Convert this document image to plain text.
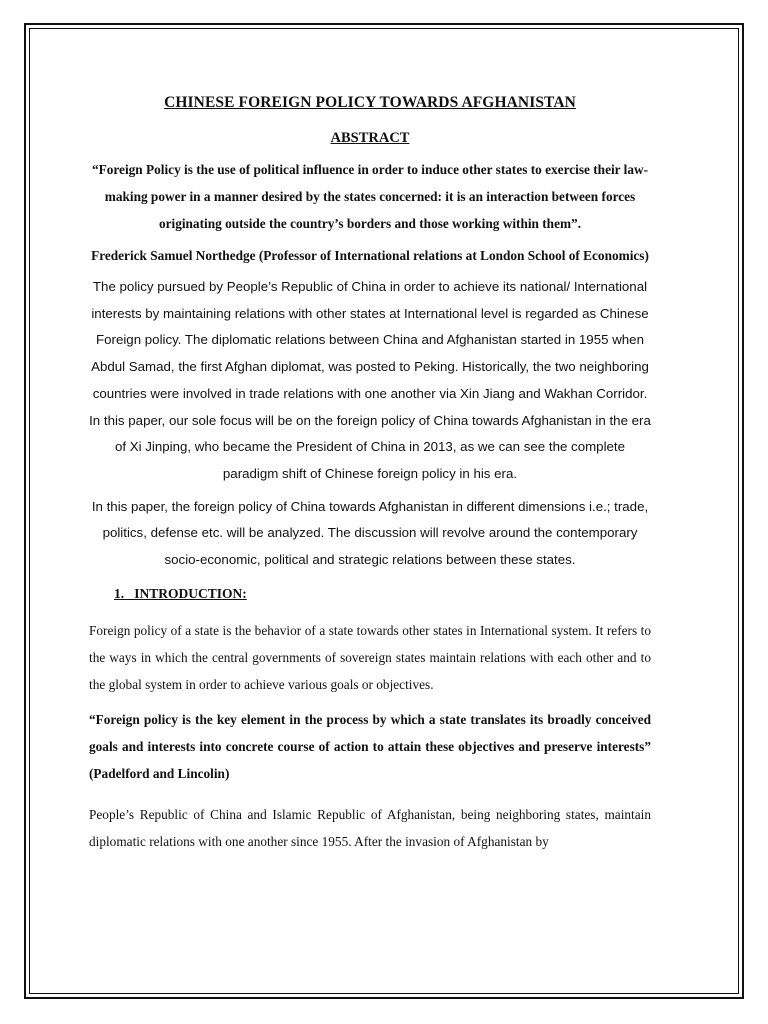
CHINESE FOREIGN POLICY TOWARDS AFGHANISTAN
ABSTRACT

“Foreign Policy is the use of political influence in order to induce other states to exercise their law-making power in a manner desired by the states concerned: it is an interaction between forces originating outside the country’s borders and those working within them”.

Frederick Samuel Northedge (Professor of International relations at London School of Economics)

The policy pursued by People’s Republic of China in order to achieve its national/ International interests by maintaining relations with other states at International level is regarded as Chinese Foreign policy. The diplomatic relations between China and Afghanistan started in 1955 when Abdul Samad, the first Afghan diplomat, was posted to Peking. Historically, the two neighboring countries were involved in trade relations with one another via Xin Jiang and Wakhan Corridor. In this paper, our sole focus will be on the foreign policy of China towards Afghanistan in the era of Xi Jinping, who became the President of China in 2013, as we can see the complete paradigm shift of Chinese foreign policy in his era.

In this paper, the foreign policy of China towards Afghanistan in different dimensions i.e.; trade, politics, defense etc. will be analyzed. The discussion will revolve around the contemporary socio-economic, political and strategic relations between these states.

1.   INTRODUCTION:

Foreign policy of a state is the behavior of a state towards other states in International system. It refers to the ways in which the central governments of sovereign states maintain relations with each other and to the global system in order to achieve various goals or objectives.

“Foreign policy is the key element in the process by which a state translates its broadly conceived goals and interests into concrete course of action to attain these objectives and preserve interests” (Padelford and Lincolin)

People’s Republic of China and Islamic Republic of Afghanistan, being neighboring states, maintain diplomatic relations with one another since 1955. After the invasion of Afghanistan by
